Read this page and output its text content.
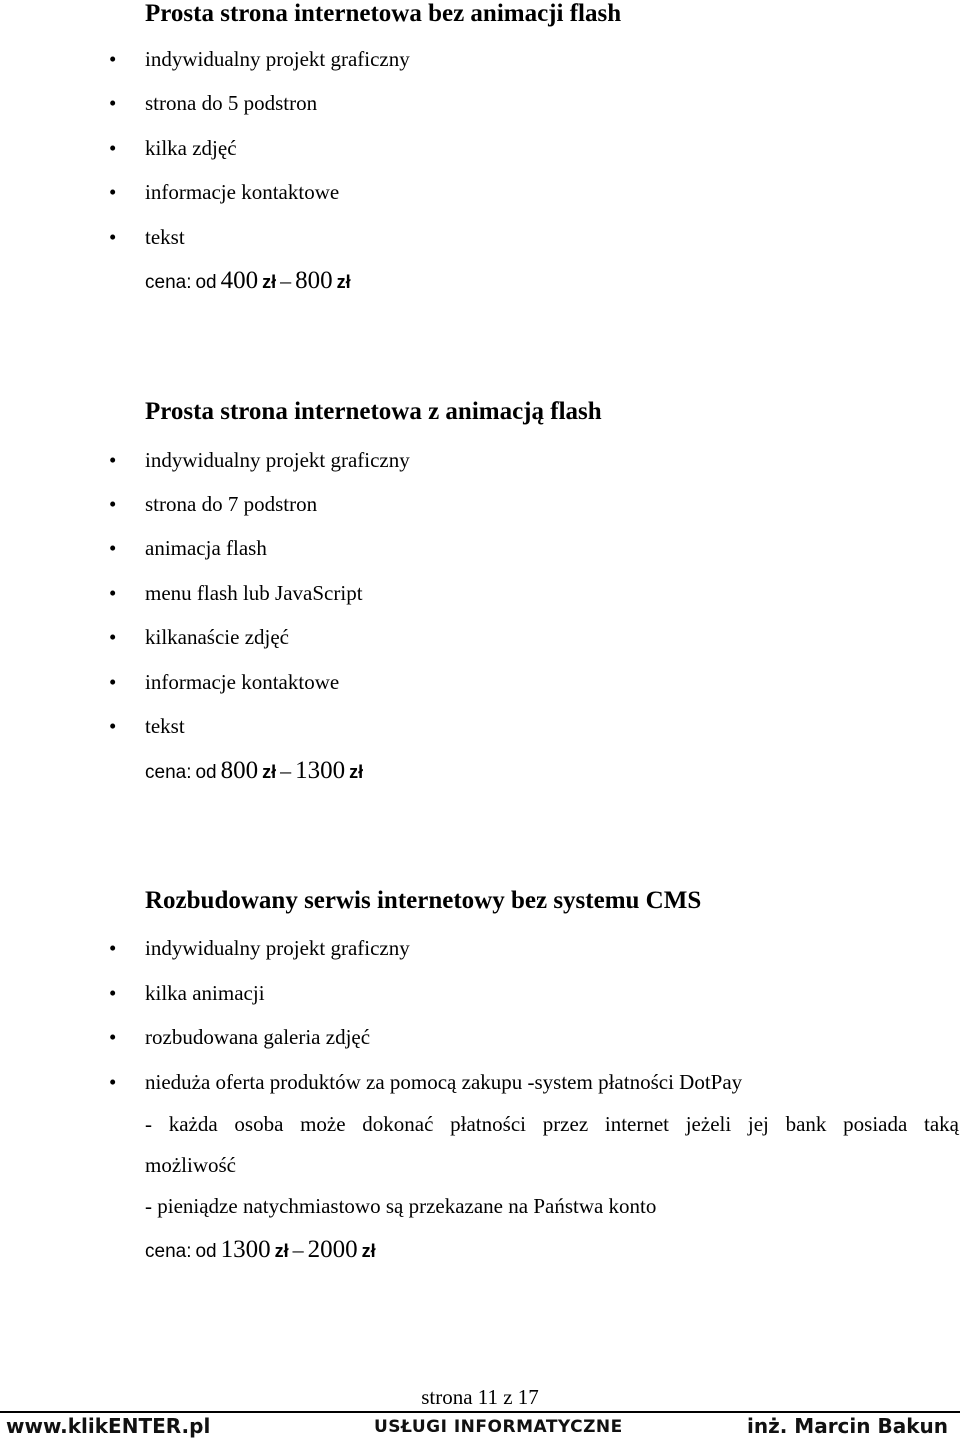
Prosta strona internetowa bez animacji flash
• indywidualny projekt graficzny
• strona do 5 podstron
• kilka zdjęć
• informacje kontaktowe
• tekst
cena: od 400 zł – 800 zł
Prosta strona internetowa z animacją flash
• indywidualny projekt graficzny
• strona do 7 podstron
• animacja flash
• menu flash lub JavaScript
• kilkanaście zdjęć
• informacje kontaktowe
• tekst
cena: od 800 zł – 1300 zł
Rozbudowany serwis internetowy bez systemu CMS
• indywidualny projekt graficzny
• kilka animacji
• rozbudowana galeria zdjęć
• nieduża oferta produktów za pomocą zakupu -system płatności DotPay
- każda osoba może dokonać płatności przez internet jeżeli jej bank posiada taką
możliwość
- pieniądze natychmiastowo są przekazane na Państwa konto
cena: od 1300 zł – 2000 zł
strona 11 z 17
www.klikENTER.pl	USŁUGI INFORMATYCZNE	inż. Marcin Bakun
